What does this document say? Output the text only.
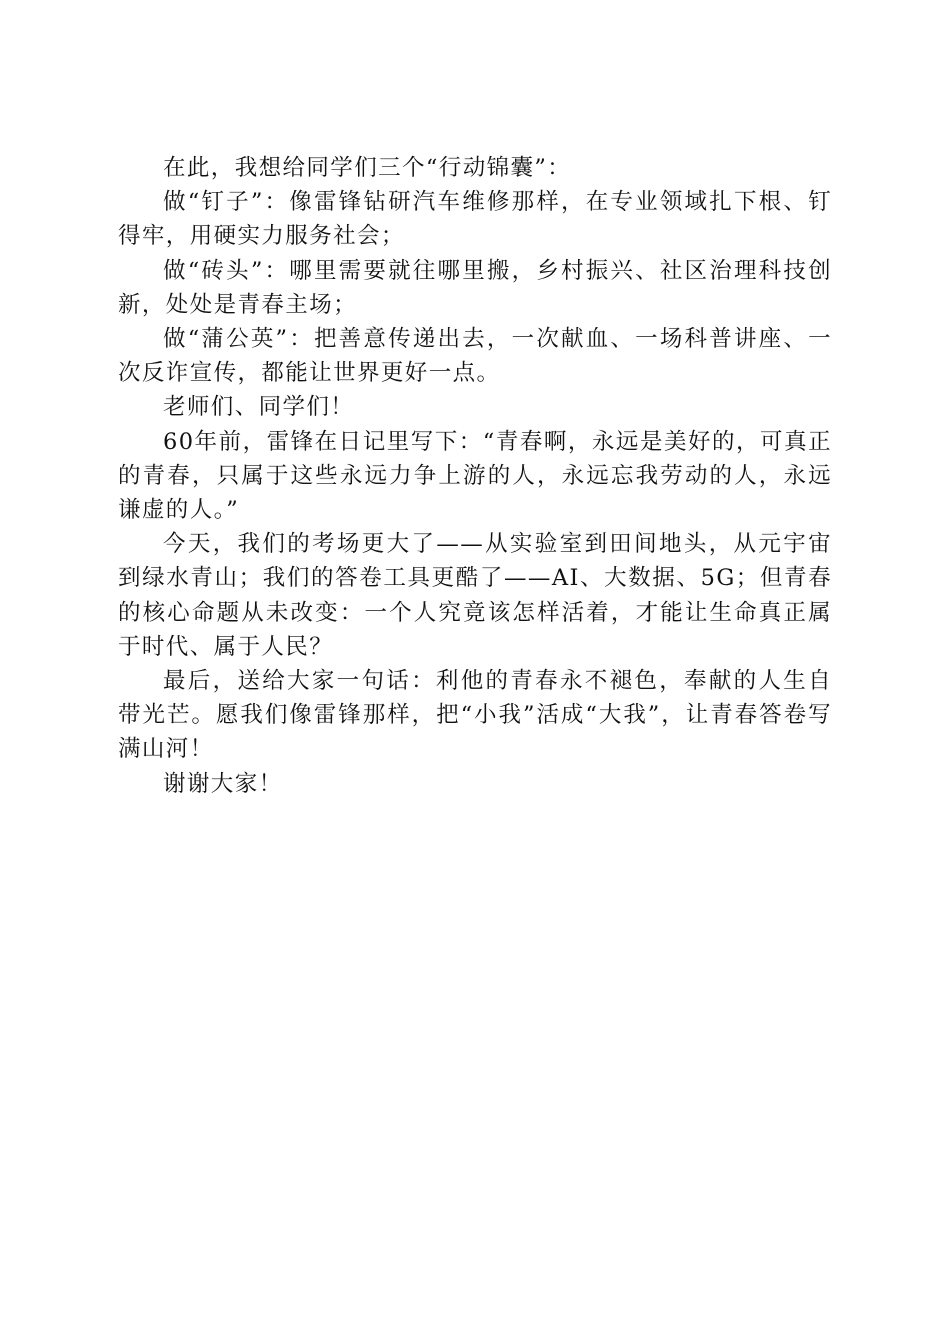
在此，我想给同学们三个“行动锦囊”：

做“钉子”：像雷锋钻研汽车维修那样，在专业领域扎下根、钉得牢，用硬实力服务社会；

做“砖头”：哪里需要就往哪里搬，乡村振兴、社区治理科技创新，处处是青春主场；

做“蒲公英”：把善意传递出去，一次献血、一场科普讲座、一次反诈宣传，都能让世界更好一点。

老师们、同学们！

60年前，雷锋在日记里写下：“青春啊，永远是美好的，可真正的青春，只属于这些永远力争上游的人，永远忘我劳动的人，永远谦虚的人。”

今天，我们的考场更大了——从实验室到田间地头，从元宇宙到绿水青山；我们的答卷工具更酷了——AI、大数据、5G；但青春的核心命题从未改变：一个人究竟该怎样活着，才能让生命真正属于时代、属于人民？

最后，送给大家一句话：利他的青春永不褪色，奉献的人生自带光芒。愿我们像雷锋那样，把“小我”活成“大我”，让青春答卷写满山河！

谢谢大家！
